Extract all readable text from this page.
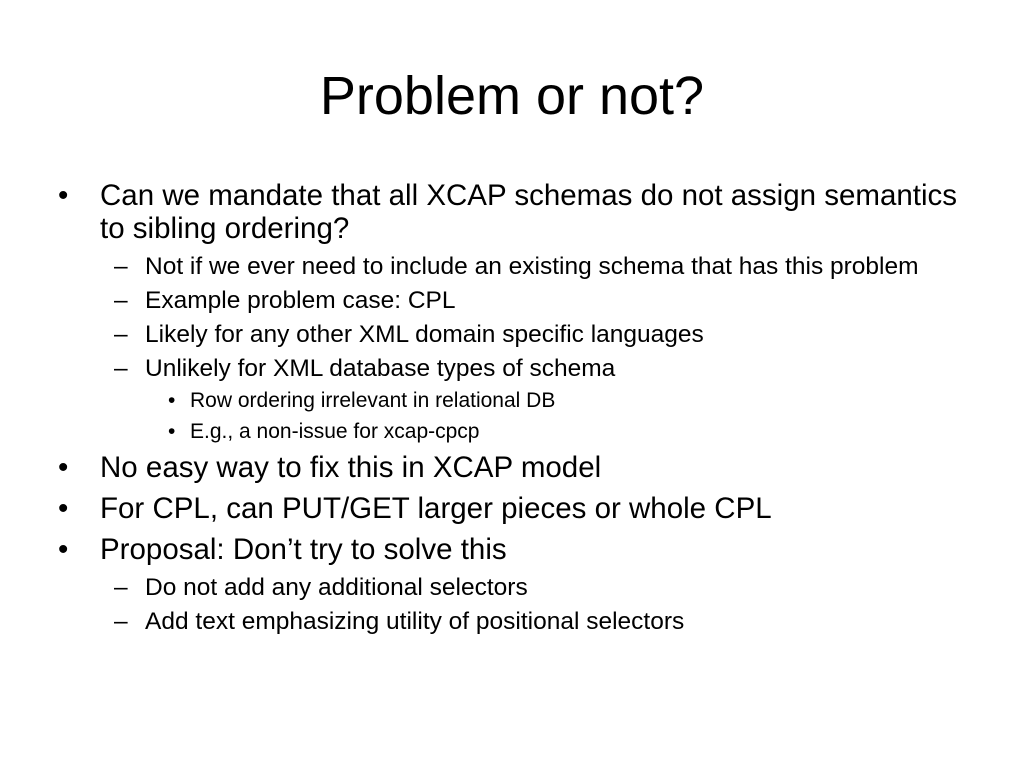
Problem or not?

• Can we mandate that all XCAP schemas do not assign semantics to sibling ordering?

– Not if we ever need to include an existing schema that has this problem

– Example problem case: CPL

– Likely for any other XML domain specific languages

– Unlikely for XML database types of schema

• Row ordering irrelevant in relational DB

• E.g., a non-issue for xcap-cpcp

• No easy way to fix this in XCAP model

• For CPL, can PUT/GET larger pieces or whole CPL

• Proposal: Don’t try to solve this

– Do not add any additional selectors

– Add text emphasizing utility of positional selectors
